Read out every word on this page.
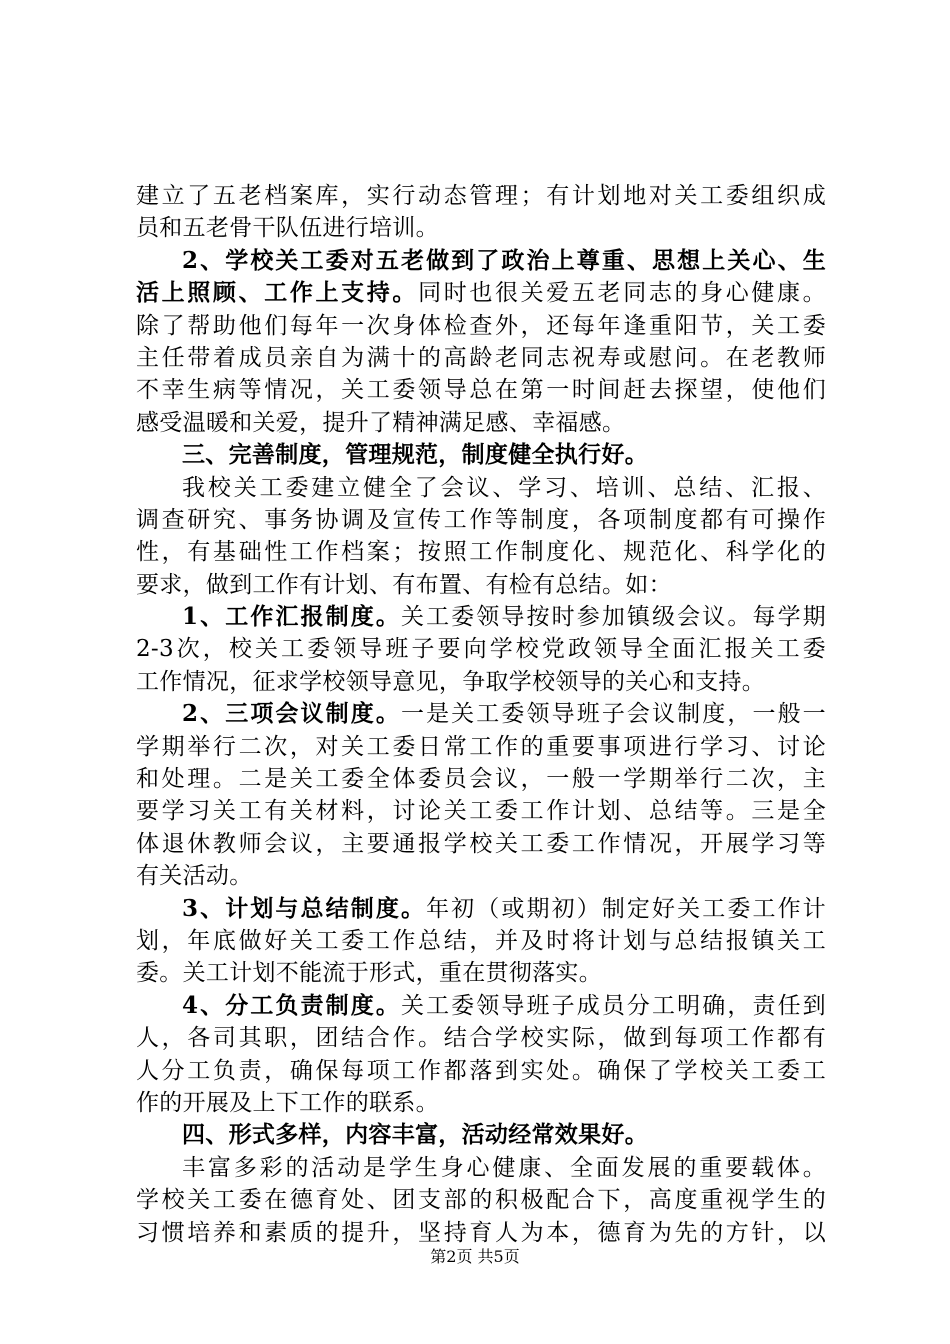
建立了五老档案库，实行动态管理；有计划地对关工委组织成
员和五老骨干队伍进行培训。
2、学校关工委对五老做到了政治上尊重、思想上关心、生
活上照顾、工作上支持。同时也很关爱五老同志的身心健康。
除了帮助他们每年一次身体检查外，还每年逢重阳节，关工委
主任带着成员亲自为满十的高龄老同志祝寿或慰问。在老教师
不幸生病等情况，关工委领导总在第一时间赶去探望，使他们
感受温暖和关爱，提升了精神满足感、幸福感。
三、完善制度，管理规范，制度健全执行好。
我校关工委建立健全了会议、学习、培训、总结、汇报、
调查研究、事务协调及宣传工作等制度，各项制度都有可操作
性，有基础性工作档案；按照工作制度化、规范化、科学化的
要求，做到工作有计划、有布置、有检有总结。如：
1、工作汇报制度。关工委领导按时参加镇级会议。每学期
2-3次，校关工委领导班子要向学校党政领导全面汇报关工委
工作情况，征求学校领导意见，争取学校领导的关心和支持。
2、三项会议制度。一是关工委领导班子会议制度，一般一
学期举行二次，对关工委日常工作的重要事项进行学习、讨论
和处理。二是关工委全体委员会议，一般一学期举行二次，主
要学习关工有关材料，讨论关工委工作计划、总结等。三是全
体退休教师会议，主要通报学校关工委工作情况，开展学习等
有关活动。
3、计划与总结制度。年初（或期初）制定好关工委工作计
划，年底做好关工委工作总结，并及时将计划与总结报镇关工
委。关工计划不能流于形式，重在贯彻落实。
4、分工负责制度。关工委领导班子成员分工明确，责任到
人，各司其职，团结合作。结合学校实际，做到每项工作都有
人分工负责，确保每项工作都落到实处。确保了学校关工委工
作的开展及上下工作的联系。
四、形式多样，内容丰富，活动经常效果好。
丰富多彩的活动是学生身心健康、全面发展的重要载体。
学校关工委在德育处、团支部的积极配合下，高度重视学生的
习惯培养和素质的提升，坚持育人为本，德育为先的方针，以
第2页 共5页
